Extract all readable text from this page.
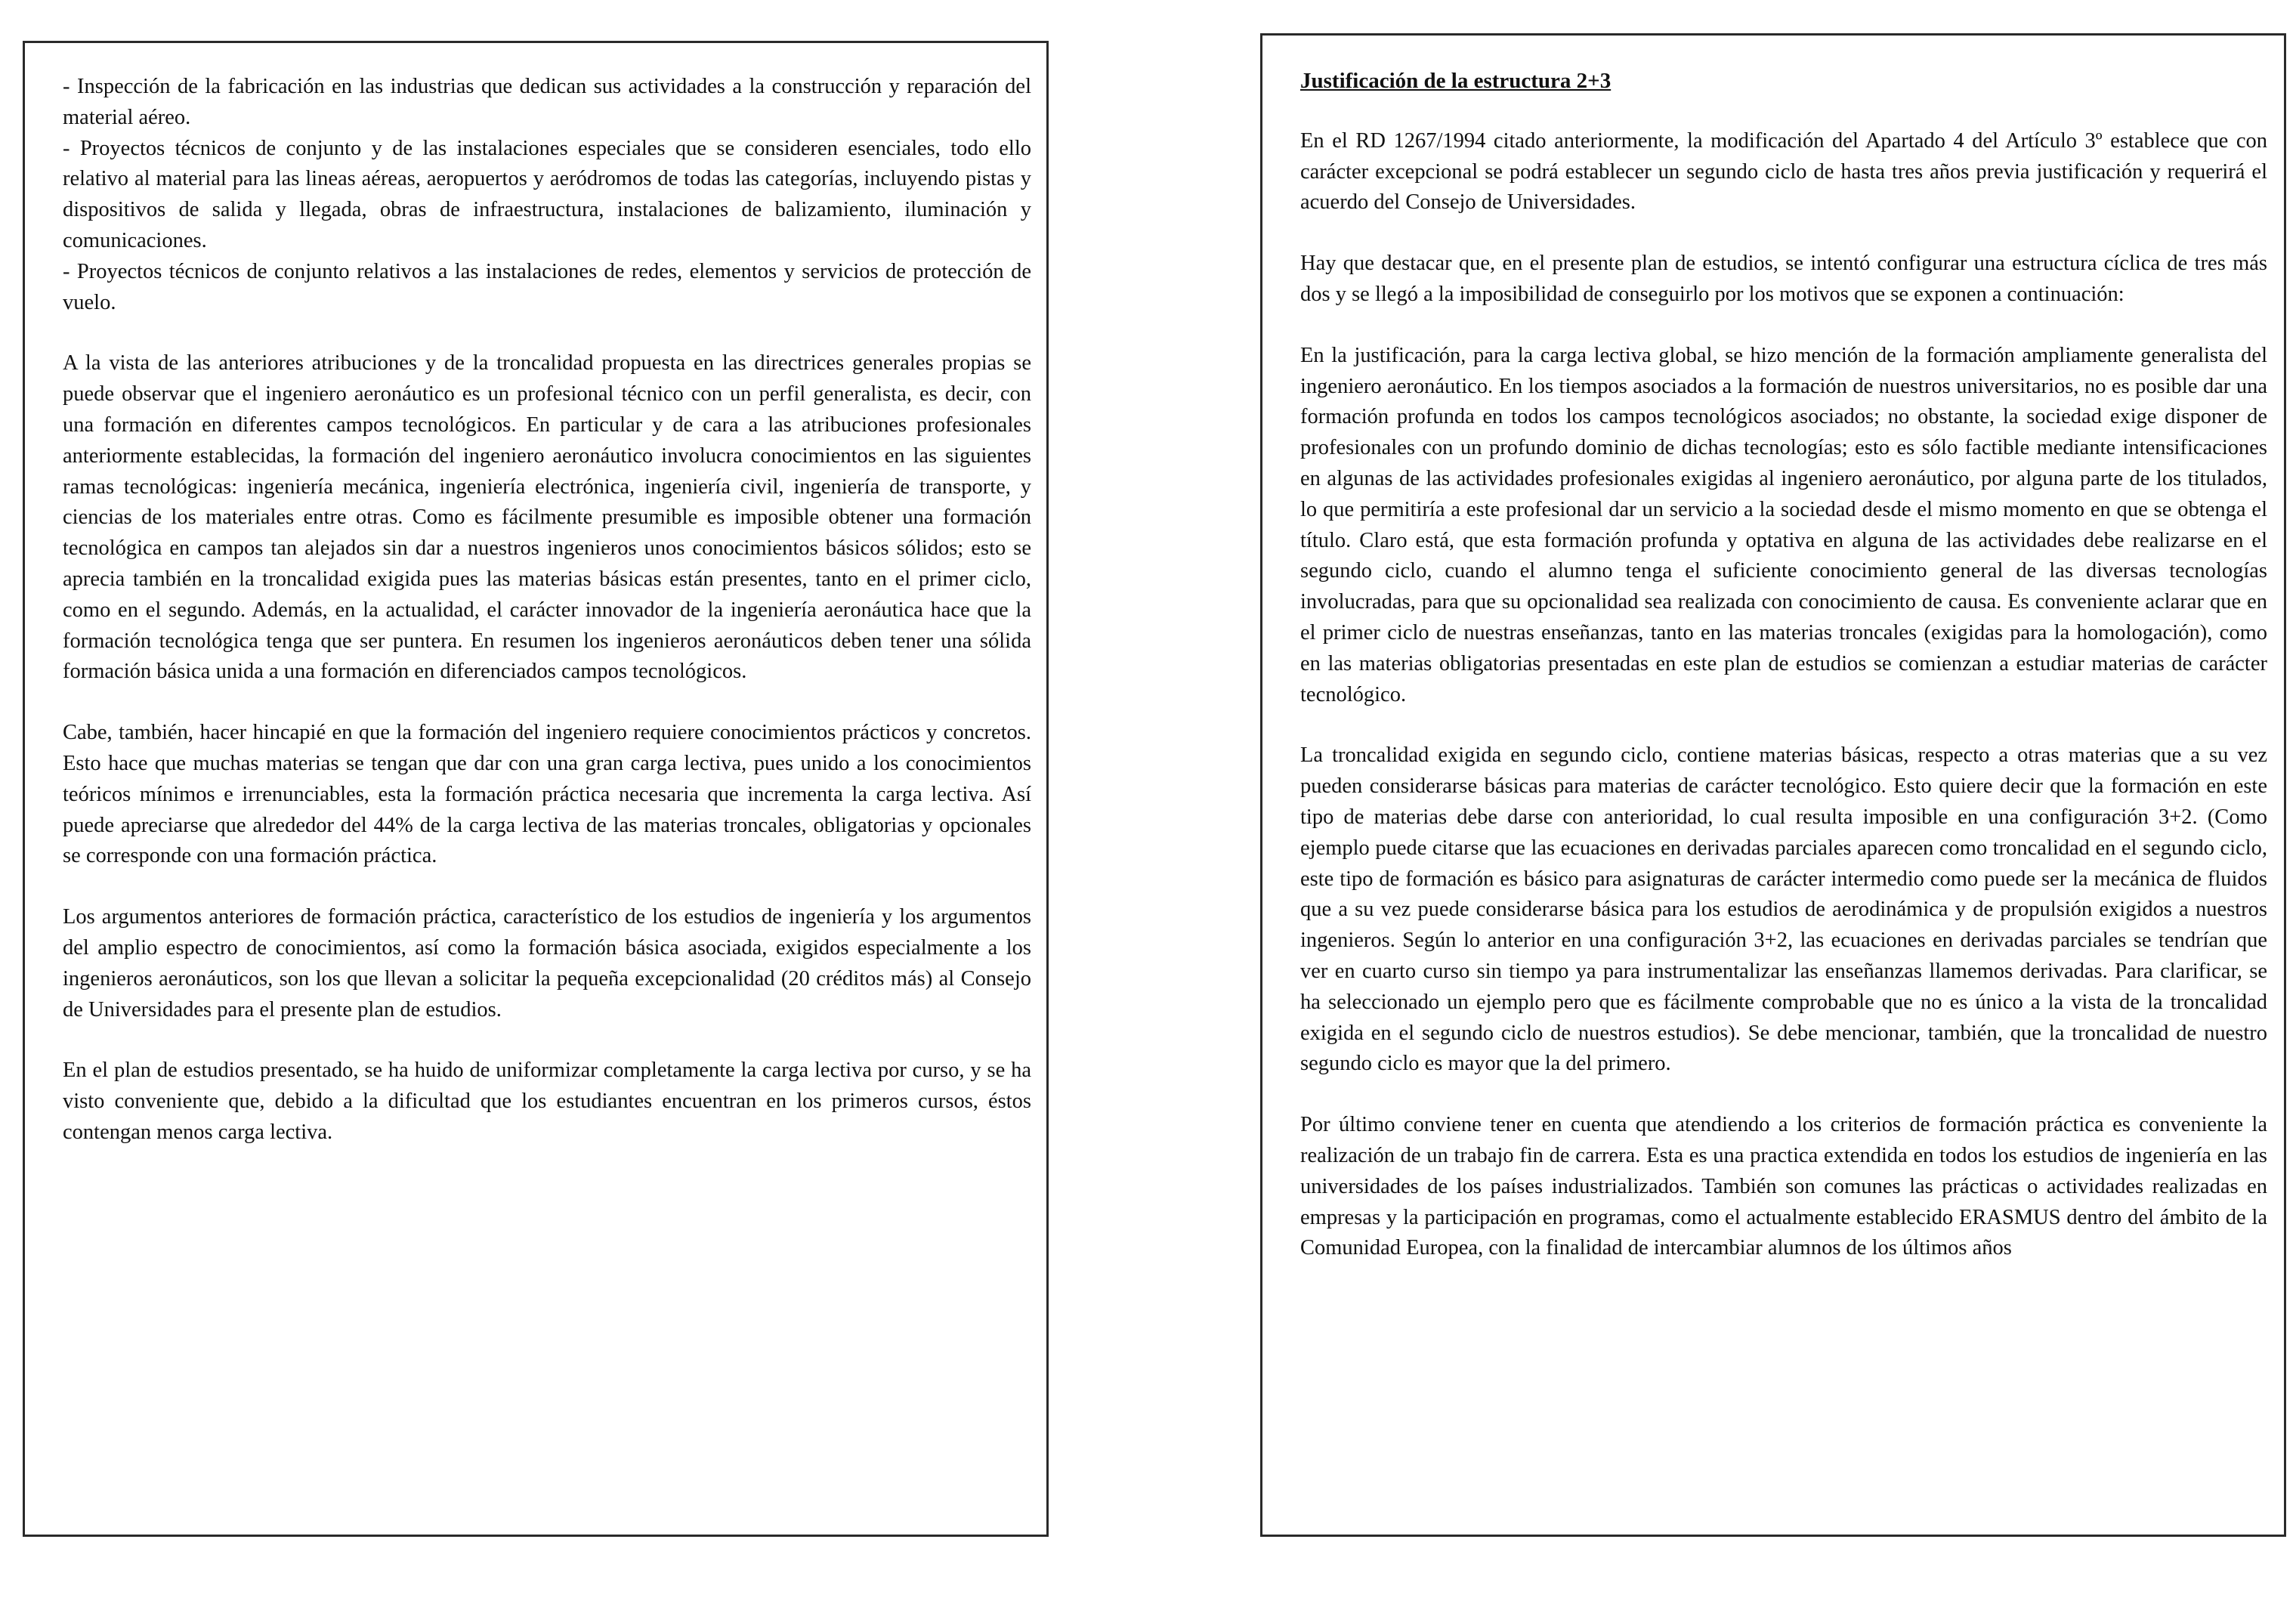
- Inspección de la fabricación en las industrias que dedican sus actividades a la construcción y reparación del material aéreo.

- Proyectos técnicos de conjunto y de las instalaciones especiales que se consideren esenciales, todo ello relativo al material para las lineas aéreas, aeropuertos y aeródromos de todas las categorías, incluyendo pistas y dispositivos de salida y llegada, obras de infraestructura, instalaciones de balizamiento, iluminación y comunicaciones.

- Proyectos técnicos de conjunto relativos a las instalaciones de redes, elementos y servicios de protección de vuelo.

A la vista de las anteriores atribuciones y de la troncalidad propuesta en las directrices generales propias se puede observar que el ingeniero aeronáutico es un profesional técnico con un perfil generalista, es decir, con una formación en diferentes campos tecnológicos. En particular y de cara a las atribuciones profesionales anteriormente establecidas, la formación del ingeniero aeronáutico involucra conocimientos en las siguientes ramas tecnológicas: ingeniería mecánica, ingeniería electrónica, ingeniería civil, ingeniería de transporte, y ciencias de los materiales entre otras. Como es fácilmente presumible es imposible obtener una formación tecnológica en campos tan alejados sin dar a nuestros ingenieros unos conocimientos básicos sólidos; esto se aprecia también en la troncalidad exigida pues las materias básicas están presentes, tanto en el primer ciclo, como en el segundo. Además, en la actualidad, el carácter innovador de la ingeniería aeronáutica hace que la formación tecnológica tenga que ser puntera. En resumen los ingenieros aeronáuticos deben tener una sólida formación básica unida a una formación en diferenciados campos tecnológicos.

Cabe, también, hacer hincapié en que la formación del ingeniero requiere conocimientos prácticos y concretos. Esto hace que muchas materias se tengan que dar con una gran carga lectiva, pues unido a los conocimientos teóricos mínimos e irrenunciables, esta la formación práctica necesaria que incrementa la carga lectiva. Así puede apreciarse que alrededor del 44% de la carga lectiva de las materias troncales, obligatorias y opcionales se corresponde con una formación práctica.

Los argumentos anteriores de formación práctica, característico de los estudios de ingeniería y los argumentos del amplio espectro de conocimientos, así como la formación básica asociada, exigidos especialmente a los ingenieros aeronáuticos, son los que llevan a solicitar la pequeña excepcionalidad (20 créditos más) al Consejo de Universidades para el presente plan de estudios.

En el plan de estudios presentado, se ha huido de uniformizar completamente la carga lectiva por curso, y se ha visto conveniente que, debido a la dificultad que los estudiantes encuentran en los primeros cursos, éstos contengan menos carga lectiva.

Justificación de la estructura 2+3

En el RD 1267/1994 citado anteriormente, la modificación del Apartado 4 del Artículo 3º establece que con carácter excepcional se podrá establecer un segundo ciclo de hasta tres años previa justificación y requerirá el acuerdo del Consejo de Universidades.

Hay que destacar que, en el presente plan de estudios, se intentó configurar una estructura cíclica de tres más dos y se llegó a la imposibilidad de conseguirlo por los motivos que se exponen a continuación:

En la justificación, para la carga lectiva global, se hizo mención de la formación ampliamente generalista del ingeniero aeronáutico. En los tiempos asociados a la formación de nuestros universitarios, no es posible dar una formación profunda en todos los campos tecnológicos asociados; no obstante, la sociedad exige disponer de profesionales con un profundo dominio de dichas tecnologías; esto es sólo factible mediante intensificaciones en algunas de las actividades profesionales exigidas al ingeniero aeronáutico, por alguna parte de los titulados, lo que permitiría a este profesional dar un servicio a la sociedad desde el mismo momento en que se obtenga el título. Claro está, que esta formación profunda y optativa en alguna de las actividades debe realizarse en el segundo ciclo, cuando el alumno tenga el suficiente conocimiento general de las diversas tecnologías involucradas, para que su opcionalidad sea realizada con conocimiento de causa. Es conveniente aclarar que en el primer ciclo de nuestras enseñanzas, tanto en las materias troncales (exigidas para la homologación), como en las materias obligatorias presentadas en este plan de estudios se comienzan a estudiar materias de carácter tecnológico.

La troncalidad exigida en segundo ciclo, contiene materias básicas, respecto a otras materias que a su vez pueden considerarse básicas para materias de carácter tecnológico. Esto quiere decir que la formación en este tipo de materias debe darse con anterioridad, lo cual resulta imposible en una configuración 3+2. (Como ejemplo puede citarse que las ecuaciones en derivadas parciales aparecen como troncalidad en el segundo ciclo, este tipo de formación es básico para asignaturas de carácter intermedio como puede ser la mecánica de fluidos que a su vez puede considerarse básica para los estudios de aerodinámica y de propulsión exigidos a nuestros ingenieros. Según lo anterior en una configuración 3+2, las ecuaciones en derivadas parciales se tendrían que ver en cuarto curso sin tiempo ya para instrumentalizar las enseñanzas llamemos derivadas. Para clarificar, se ha seleccionado un ejemplo pero que es fácilmente comprobable que no es único a la vista de la troncalidad exigida en el segundo ciclo de nuestros estudios). Se debe mencionar, también, que la troncalidad de nuestro segundo ciclo es mayor que la del primero.

Por último conviene tener en cuenta que atendiendo a los criterios de formación práctica es conveniente la realización de un trabajo fin de carrera. Esta es una practica extendida en todos los estudios de ingeniería en las universidades de los países industrializados. También son comunes las prácticas o actividades realizadas en empresas y la participación en programas, como el actualmente establecido ERASMUS dentro del ámbito de la Comunidad Europea, con la finalidad de intercambiar alumnos de los últimos años
